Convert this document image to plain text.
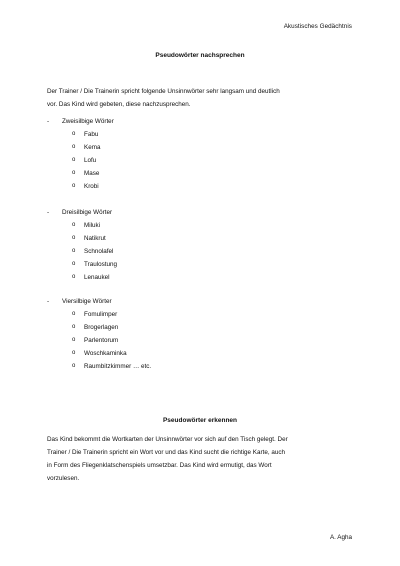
Akustisches Gedächtnis
Pseudowörter nachsprechen
Der Trainer / Die Trainerin spricht folgende Unsinnwörter sehr langsam und deutlich
vor. Das Kind wird gebeten, diese nachzusprechen.
-	Zweisilbige Wörter
o	Fabu
o	Kema
o	Lofu
o	Mase
o	Krobi
-	Dreisilbige Wörter
o	Miluki
o	Natikrut
o	Schnolafel
o	Traulostung
o	Lenaukel
-	Viersilbige Wörter
o	Fomulimper
o	Brogerlagen
o	Parlentorum
o	Woschkaminka
o	Raumbitzkimmer … etc.
Pseudowörter erkennen
Das Kind bekommt die Wortkarten der Unsinnwörter vor sich auf den Tisch gelegt. Der
Trainer / Die Trainerin spricht ein Wort vor und das Kind sucht die richtige Karte, auch
in Form des Fliegenklatschenspiels umsetzbar. Das Kind wird ermutigt, das Wort
vorzulesen.
A. Agha
